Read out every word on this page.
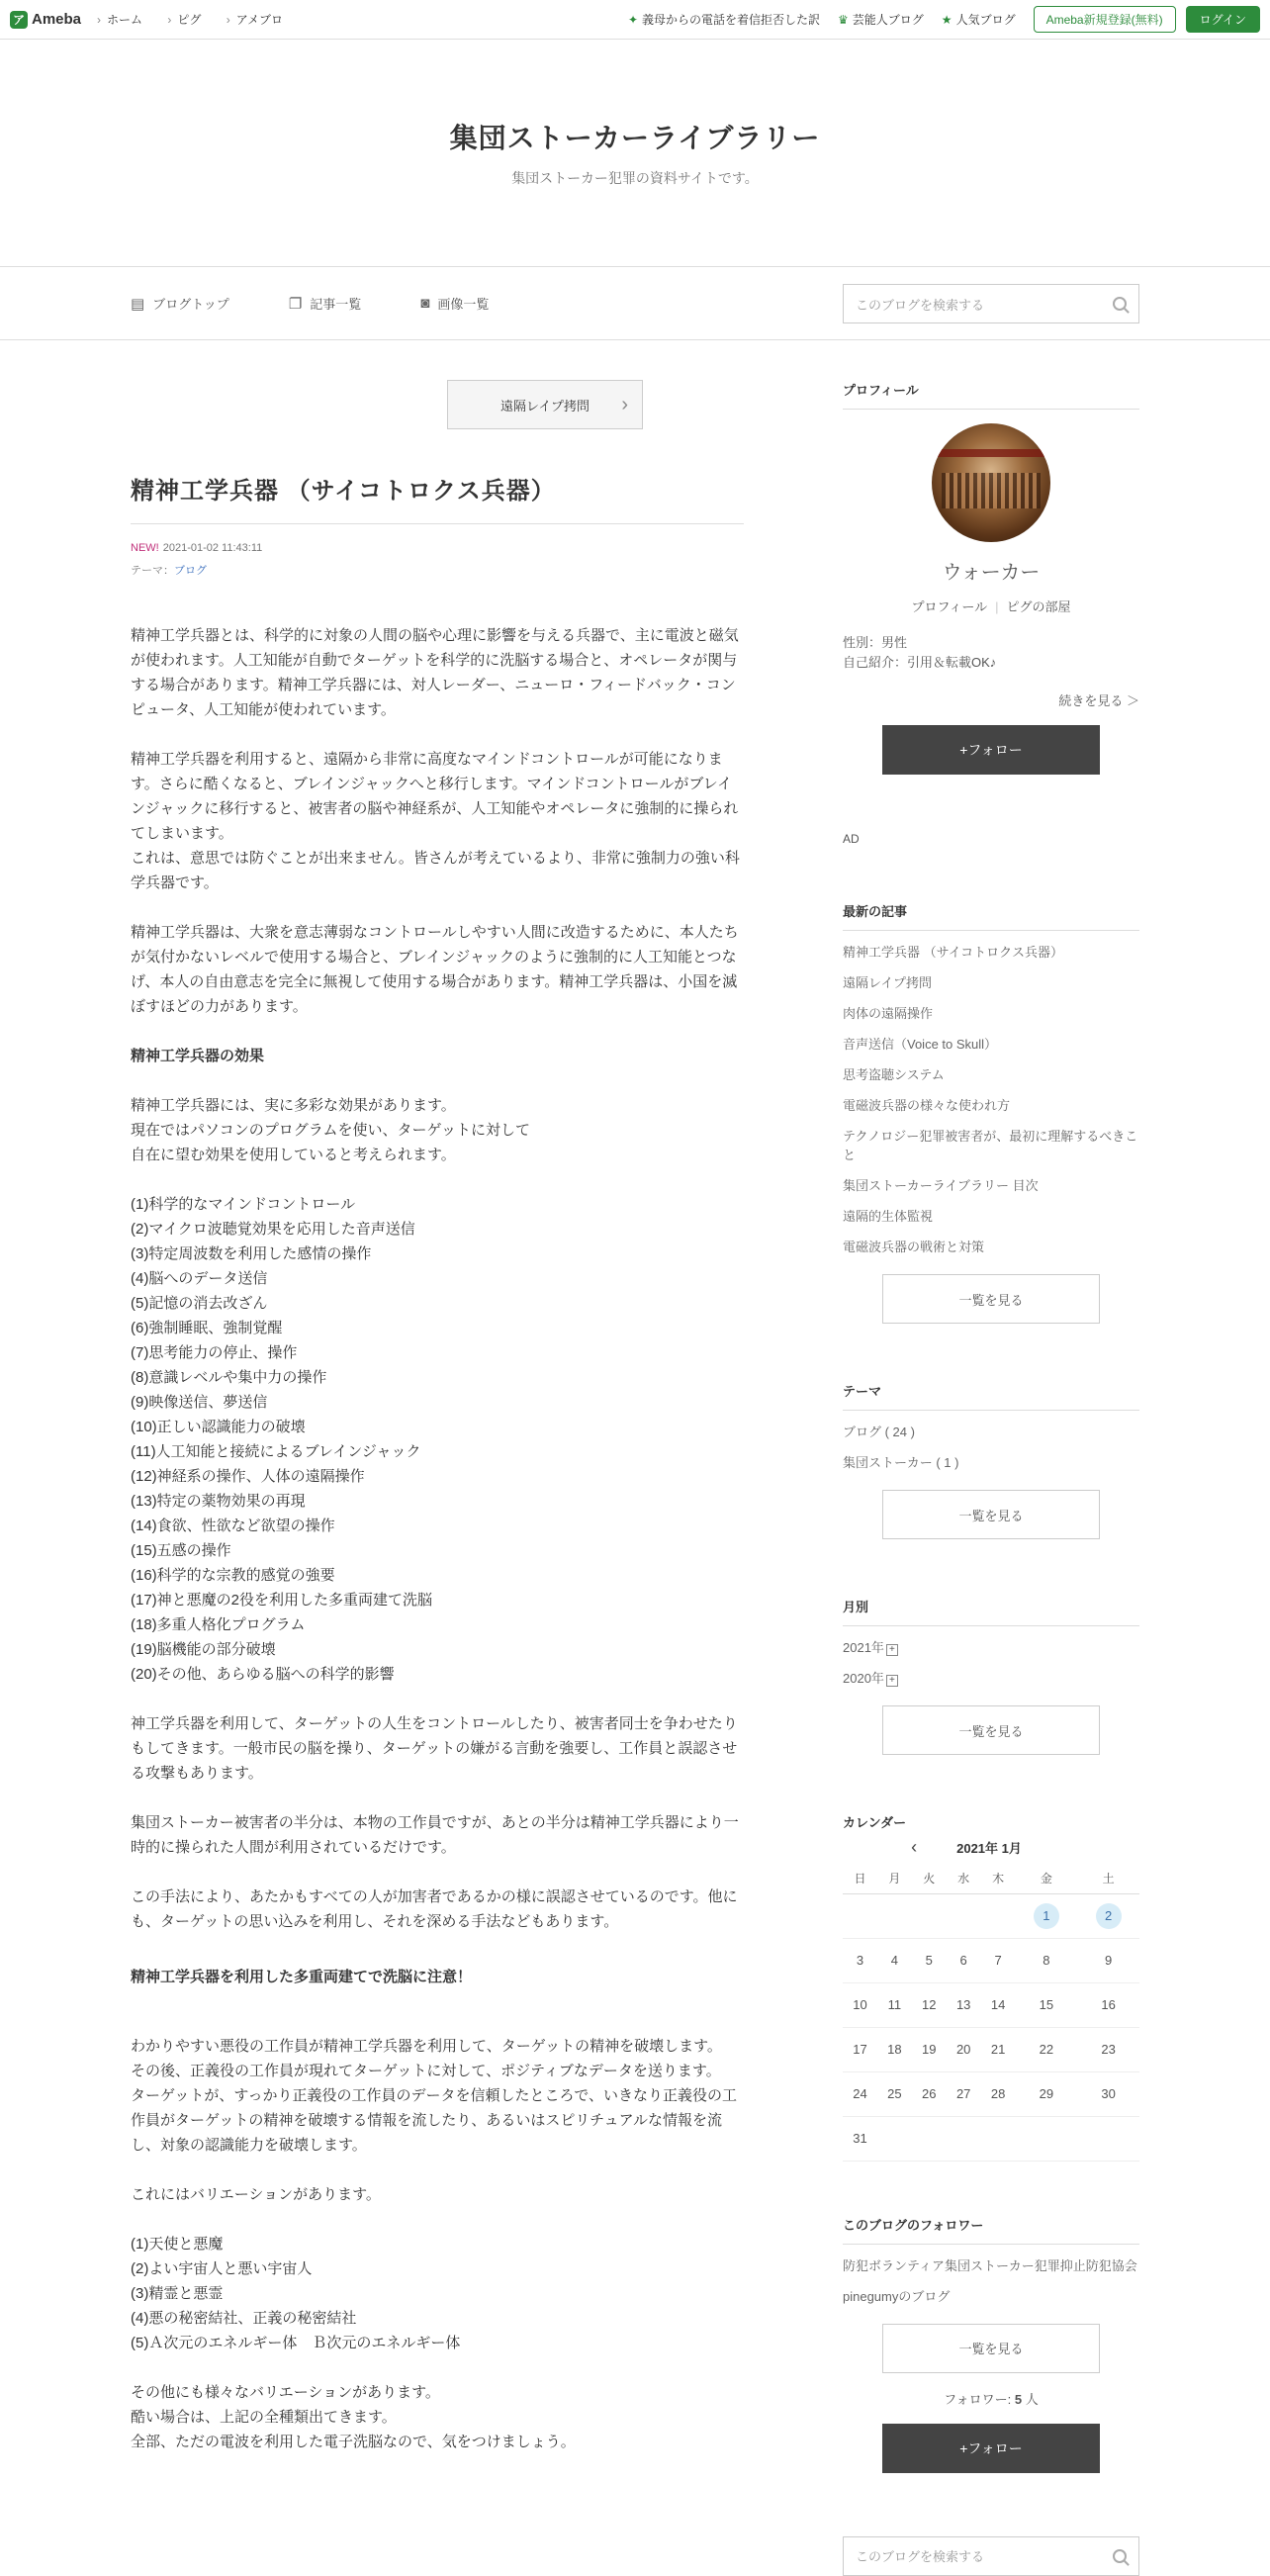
ア Ameba	› ホーム	› ピグ	› アメブロ	✦ 義母からの電話を着信拒否した訳 ♛ 芸能人ブログ ★ 人気ブログ	Ameba新規登録(無料)	ログイン
集団ストーカーライブラリー

集団ストーカー犯罪の資料サイトです。

▤ ブログトップ	❐ 記事一覧	◙ 画像一覧	このブログを検索する
遠隔レイプ拷問 ›
精神工学兵器 （サイコトロクス兵器）
NEW! 2021-01-02 11:43:11
テーマ：ブログ

精神工学兵器とは、科学的に対象の人間の脳や心理に影響を与える兵器で、主に電波と磁気が使われます。人工知能が自動でターゲットを科学的に洗脳する場合と、オペレータが関与する場合があります。精神工学兵器には、対人レーダー、ニューロ・フィードバック・コンピュータ、人工知能が使われています。

精神工学兵器を利用すると、遠隔から非常に高度なマインドコントロールが可能になります。さらに酷くなると、ブレインジャックへと移行します。マインドコントロールがブレインジャックに移行すると、被害者の脳や神経系が、人工知能やオペレータに強制的に操られてしまいます。
これは、意思では防ぐことが出来ません。皆さんが考えているより、非常に強制力の強い科学兵器です。

精神工学兵器は、大衆を意志薄弱なコントロールしやすい人間に改造するために、本人たちが気付かないレベルで使用する場合と、ブレインジャックのように強制的に人工知能とつなげ、本人の自由意志を完全に無視して使用する場合があります。精神工学兵器は、小国を滅ぼすほどの力があります。

精神工学兵器の効果

精神工学兵器には、実に多彩な効果があります。
現在ではパソコンのプログラムを使い、ターゲットに対して
自在に望む効果を使用していると考えられます。

(1)科学的なマインドコントロール
(2)マイクロ波聴覚効果を応用した音声送信
(3)特定周波数を利用した感情の操作
(4)脳へのデータ送信
(5)記憶の消去改ざん
(6)強制睡眠、強制覚醒
(7)思考能力の停止、操作
(8)意識レベルや集中力の操作
(9)映像送信、夢送信
(10)正しい認識能力の破壊
(11)人工知能と接続によるブレインジャック
(12)神経系の操作、人体の遠隔操作
(13)特定の薬物効果の再現
(14)食欲、性欲など欲望の操作
(15)五感の操作
(16)科学的な宗教的感覚の強要
(17)神と悪魔の2役を利用した多重両建て洗脳
(18)多重人格化プログラム
(19)脳機能の部分破壊
(20)その他、あらゆる脳への科学的影響

神工学兵器を利用して、ターゲットの人生をコントロールしたり、被害者同士を争わせたりもしてきます。一般市民の脳を操り、ターゲットの嫌がる言動を強要し、工作員と誤認させる攻撃もあります。

集団ストーカー被害者の半分は、本物の工作員ですが、あとの半分は精神工学兵器により一時的に操られた人間が利用されているだけです。

この手法により、あたかもすべての人が加害者であるかの様に誤認させているのです。他にも、ターゲットの思い込みを利用し、それを深める手法などもあります。

精神工学兵器を利用した多重両建てで洗脳に注意！

わかりやすい悪役の工作員が精神工学兵器を利用して、ターゲットの精神を破壊します。
その後、正義役の工作員が現れてターゲットに対して、ポジティブなデータを送ります。
ターゲットが、すっかり正義役の工作員のデータを信頼したところで、いきなり正義役の工作員がターゲットの精神を破壊する情報を流したり、あるいはスピリチュアルな情報を流し、対象の認識能力を破壊します。

これにはバリエーションがあります。

(1)天使と悪魔
(2)よい宇宙人と悪い宇宙人
(3)精霊と悪霊
(4)悪の秘密結社、正義の秘密結社
(5)Ａ次元のエネルギー体　Ｂ次元のエネルギー体

その他にも様々なバリエーションがあります。
酷い場合は、上記の全種類出てきます。
全部、ただの電波を利用した電子洗脳なので、気をつけましょう。

プロフィール
ウォーカー
プロフィール | ピグの部屋
性別：男性
自己紹介：引用＆転載OK♪
続きを見る ＞
+フォロー
AD
最新の記事
精神工学兵器 （サイコトロクス兵器）
遠隔レイプ拷問
肉体の遠隔操作
音声送信（Voice to Skull）
思考盗聴システム
電磁波兵器の様々な使われ方
テクノロジー犯罪被害者が、最初に理解するべきこと
集団ストーカーライブラリー 目次
遠隔的生体監視
電磁波兵器の戦術と対策
一覧を見る
テーマ
ブログ ( 24 )
集団ストーカー ( 1 )
一覧を見る
月別
2021年 +
2020年 +
一覧を見る
カレンダー
‹	2021年 1月
日	月	火	水	木	金	土
					1	2
3	4	5	6	7	8	9
10	11	12	13	14	15	16
17	18	19	20	21	22	23
24	25	26	27	28	29	30
31						
このブログのフォロワー
防犯ボランティア集団ストーカー犯罪抑止防犯協会
pinegumyのブログ
一覧を見る
フォロワー: 5 人
+フォロー
このブログを検索する
